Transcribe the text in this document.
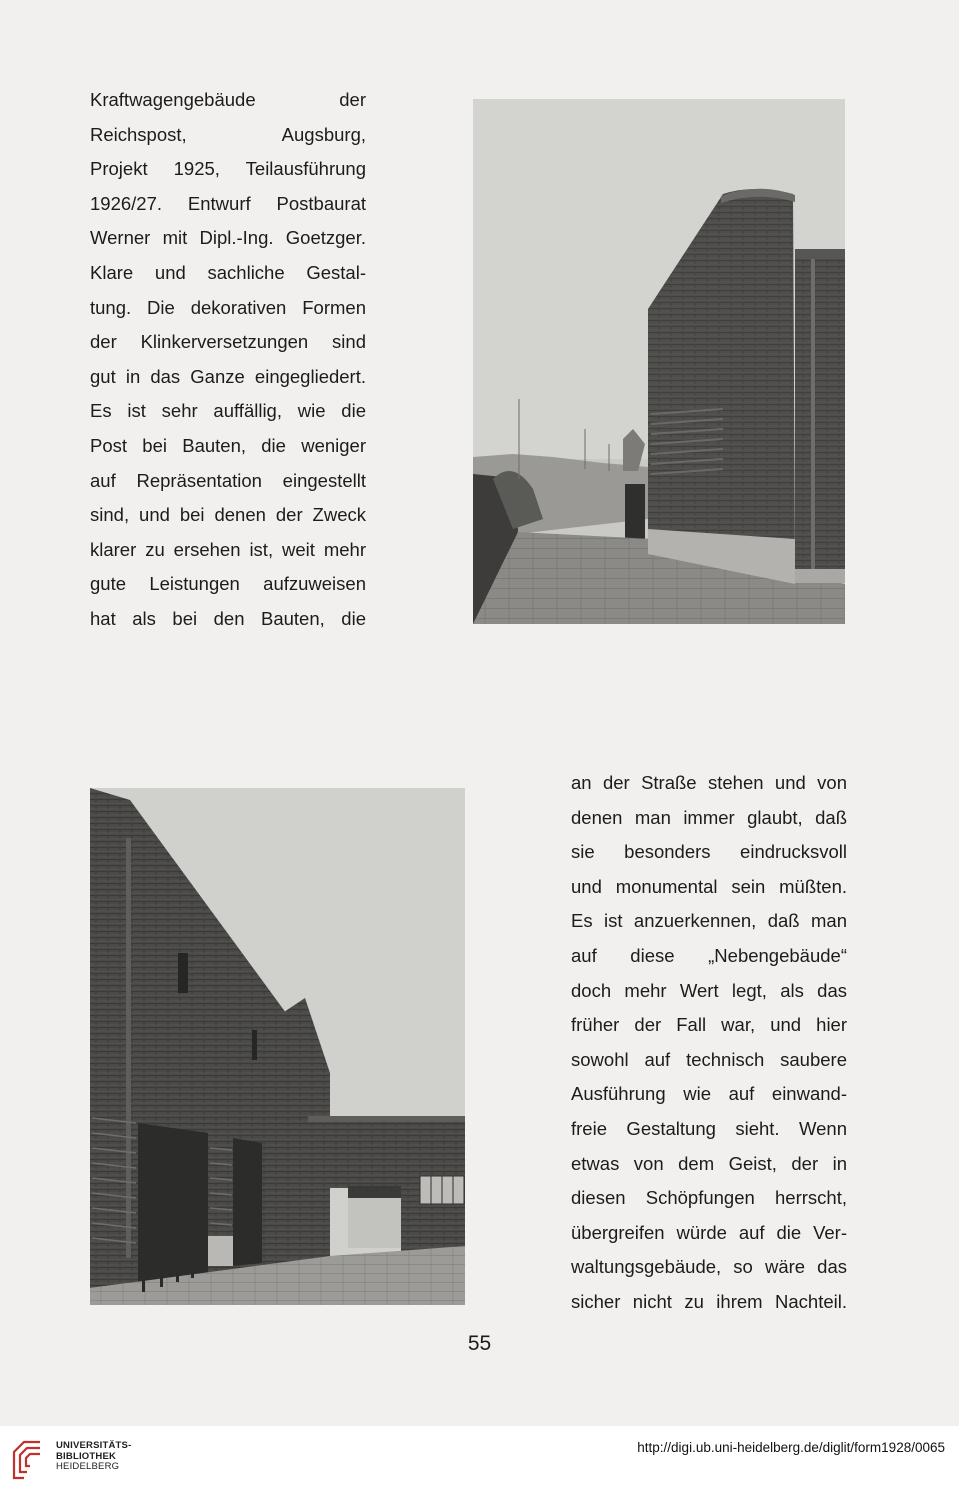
Kraftwagengebäude der
Reichspost, Augsburg,
Projekt 1925, Teilausführung
1926/27. Entwurf Postbaurat
Werner mit Dipl.-Ing. Goetzger.
Klare und sachliche Gestal-
tung. Die dekorativen Formen
der Klinkerversetzungen sind
gut in das Ganze eingegliedert.
Es ist sehr auffällig, wie die
Post bei Bauten, die weniger
auf Repräsentation eingestellt
sind, und bei denen der Zweck
klarer zu ersehen ist, weit mehr
gute Leistungen aufzuweisen
hat als bei den Bauten, die
an der Straße stehen und von
denen man immer glaubt, daß
sie besonders eindrucksvoll
und monumental sein müßten.
Es ist anzuerkennen, daß man
auf diese „Nebengebäude“
doch mehr Wert legt, als das
früher der Fall war, und hier
sowohl auf technisch saubere
Ausführung wie auf einwand-
freie Gestaltung sieht. Wenn
etwas von dem Geist, der in
diesen Schöpfungen herrscht,
übergreifen würde auf die Ver-
waltungsgebäude, so wäre das
sicher nicht zu ihrem Nachteil.
55
UNIVERSITÄTS-
BIBLIOTHEK
HEIDELBERG
http://digi.ub.uni-heidelberg.de/diglit/form1928/0065
